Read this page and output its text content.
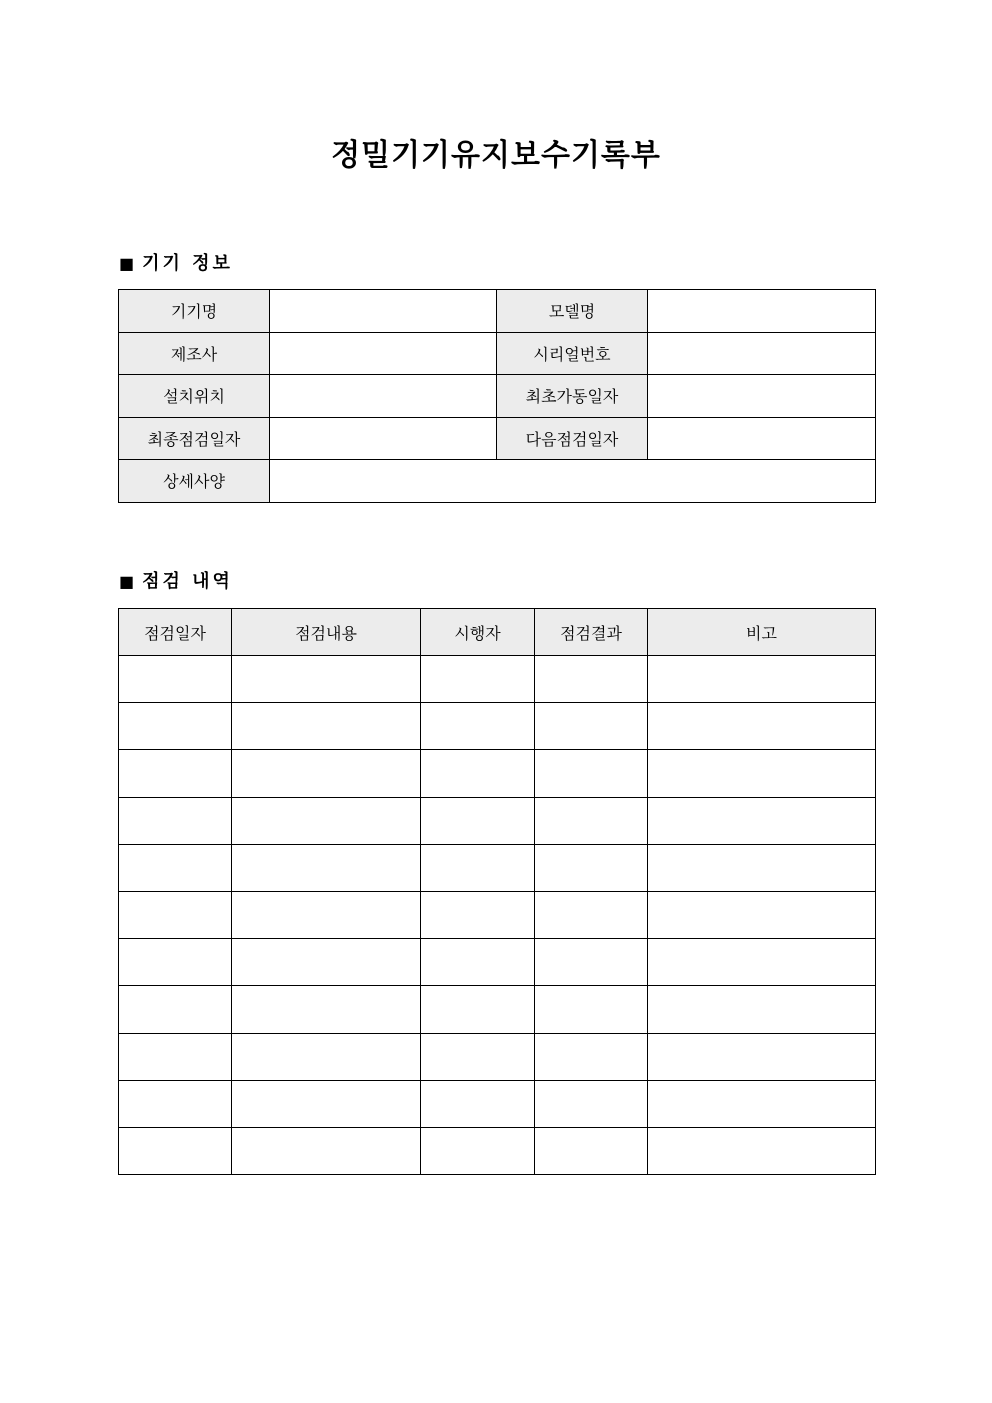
정밀기기유지보수기록부
■ 기기 정보
기기명		모델명	
제조사		시리얼번호	
설치위치		최초가동일자	
최종점검일자		다음점검일자	
상세사양			
■ 점검 내역
점검일자	점검내용	시행자	점검결과	비고
